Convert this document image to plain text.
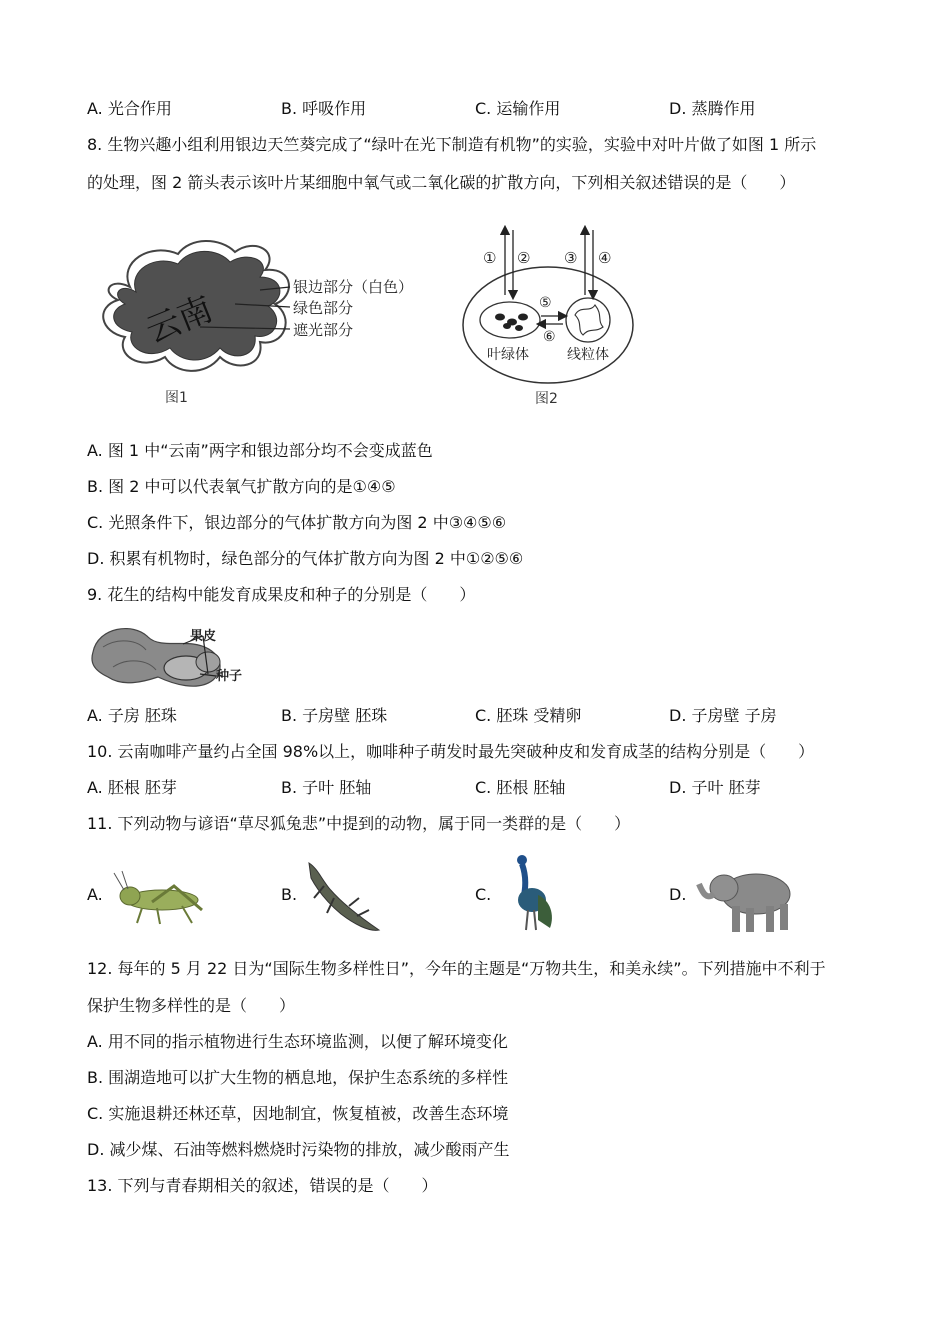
A. 光合作用	B. 呼吸作用	C. 运输作用	D. 蒸腾作用
8. 生物兴趣小组利用银边天竺葵完成了“绿叶在光下制造有机物”的实验，实验中对叶片做了如图 1 所示
的处理，图 2 箭头表示该叶片某细胞中氧气或二氧化碳的扩散方向，下列相关叙述错误的是（　　）
云南
银边部分（白色）
绿色部分
遮光部分
图1
① ② ③ ④
⑤
⑥
叶绿体	线粒体
图2
A. 图 1 中“云南”两字和银边部分均不会变成蓝色
B. 图 2 中可以代表氧气扩散方向的是①④⑤
C. 光照条件下，银边部分的气体扩散方向为图 2 中③④⑤⑥
D. 积累有机物时，绿色部分的气体扩散方向为图 2 中①②⑤⑥
9. 花生的结构中能发育成果皮和种子的分别是（　　）
果皮
种子
A. 子房 胚珠	B. 子房壁 胚珠	C. 胚珠 受精卵	D. 子房壁 子房
10. 云南咖啡产量约占全国 98%以上，咖啡种子萌发时最先突破种皮和发育成茎的结构分别是（　　）
A. 胚根 胚芽	B. 子叶 胚轴	C. 胚根 胚轴	D. 子叶 胚芽
11. 下列动物与谚语“草尽狐兔悲”中提到的动物，属于同一类群的是（　　）
A.	B.	C.	D.
12. 每年的 5 月 22 日为“国际生物多样性日”，今年的主题是“万物共生，和美永续”。下列措施中不利于
保护生物多样性的是（　　）
A. 用不同的指示植物进行生态环境监测，以便了解环境变化
B. 围湖造地可以扩大生物的栖息地，保护生态系统的多样性
C. 实施退耕还林还草，因地制宜，恢复植被，改善生态环境
D. 减少煤、石油等燃料燃烧时污染物的排放，减少酸雨产生
13. 下列与青春期相关的叙述，错误的是（　　）
